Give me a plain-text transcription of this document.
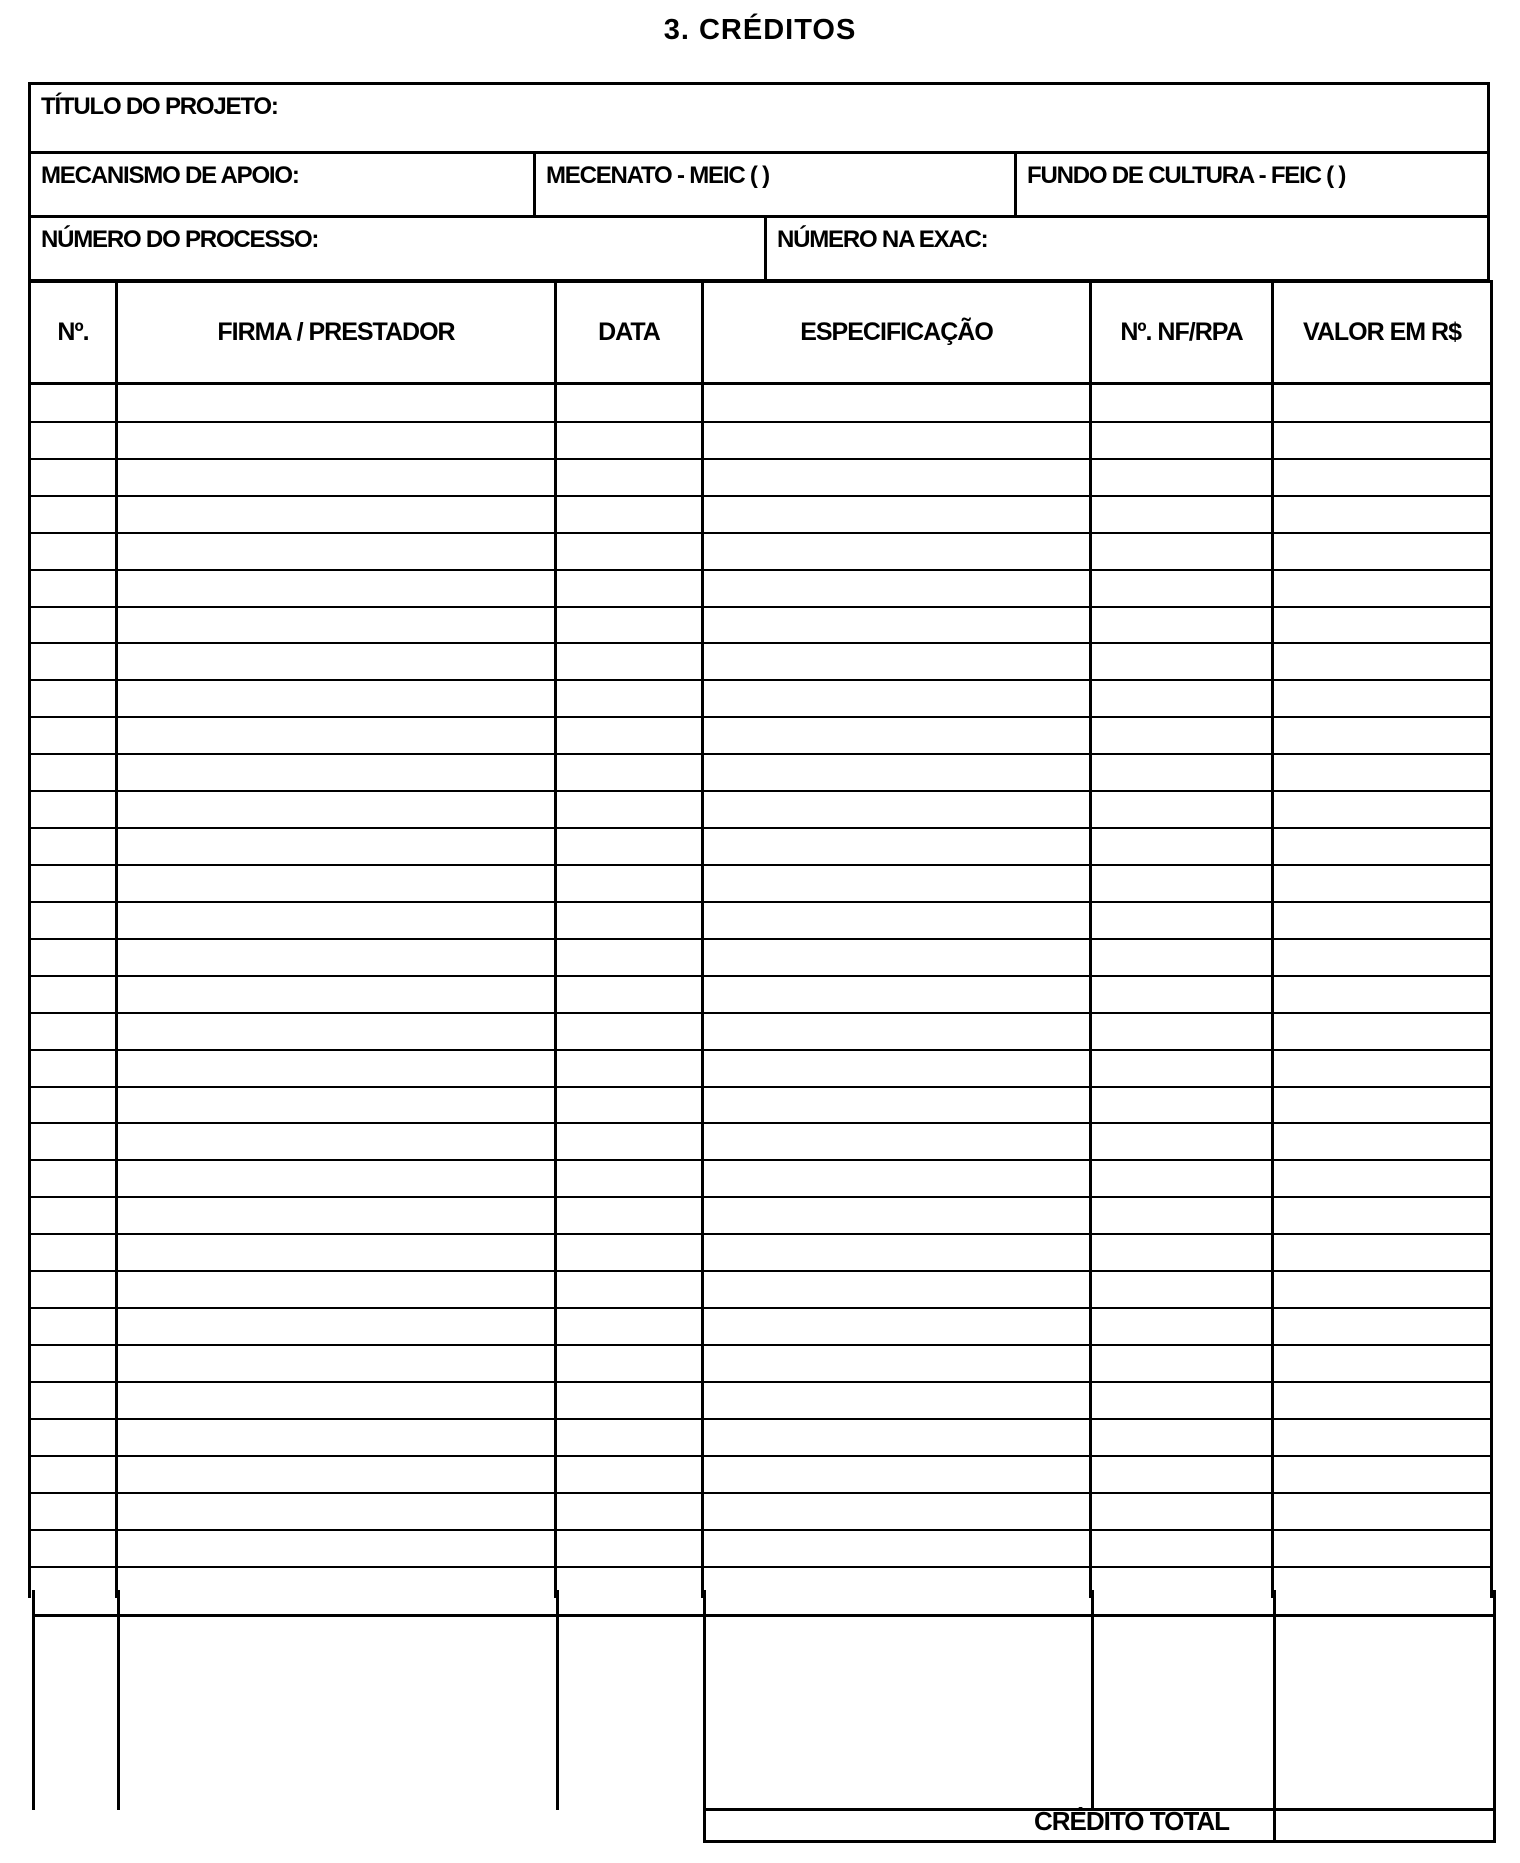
3. CRÉDITOS
TÍTULO DO PROJETO:
MECANISMO DE APOIO:	MECENATO - MEIC ( )	FUNDO DE CULTURA - FEIC ( )
NÚMERO DO PROCESSO:	NÚMERO NA EXAC:
Nº.	FIRMA / PRESTADOR	DATA	ESPECIFICAÇÃO	Nº. NF/RPA	VALOR EM R$
CRÉDITO TOTAL
